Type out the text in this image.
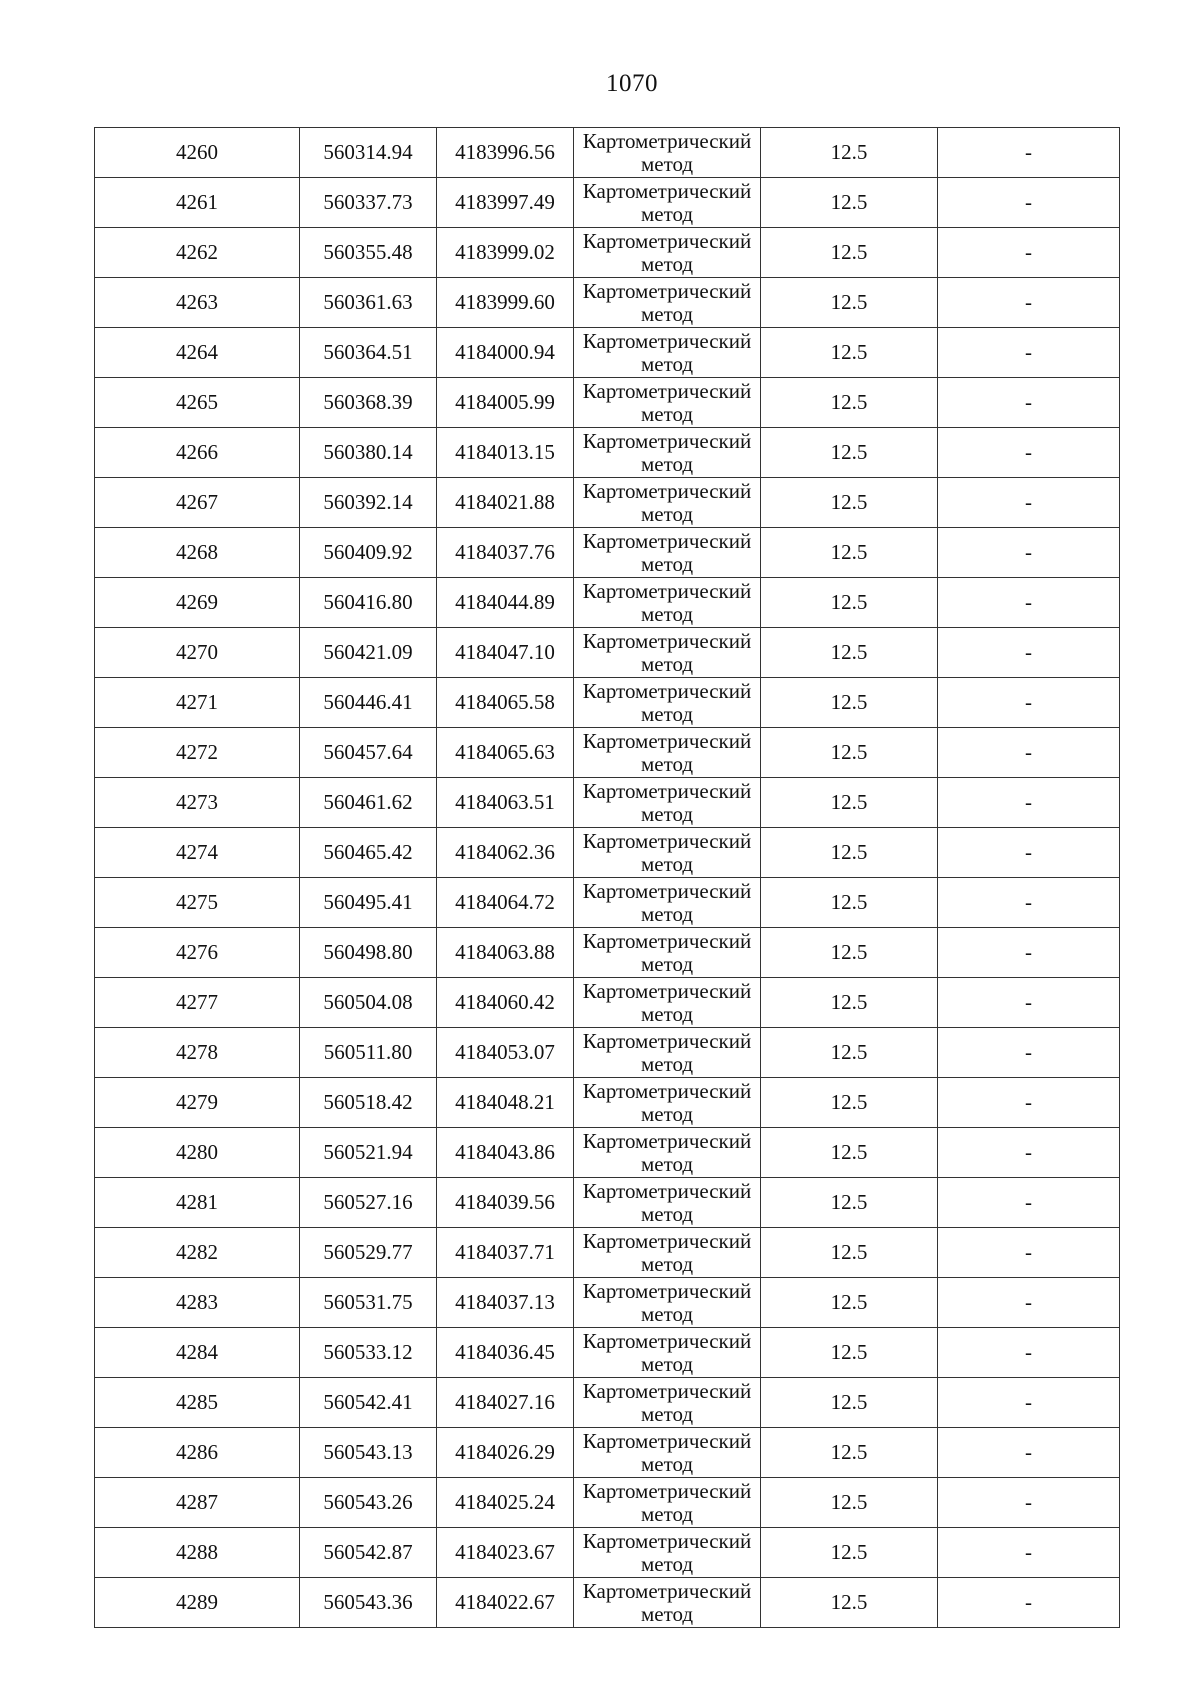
1070
4260	560314.94	4183996.56	Картометрический метод	12.5	-
4261	560337.73	4183997.49	Картометрический метод	12.5	-
4262	560355.48	4183999.02	Картометрический метод	12.5	-
4263	560361.63	4183999.60	Картометрический метод	12.5	-
4264	560364.51	4184000.94	Картометрический метод	12.5	-
4265	560368.39	4184005.99	Картометрический метод	12.5	-
4266	560380.14	4184013.15	Картометрический метод	12.5	-
4267	560392.14	4184021.88	Картометрический метод	12.5	-
4268	560409.92	4184037.76	Картометрический метод	12.5	-
4269	560416.80	4184044.89	Картометрический метод	12.5	-
4270	560421.09	4184047.10	Картометрический метод	12.5	-
4271	560446.41	4184065.58	Картометрический метод	12.5	-
4272	560457.64	4184065.63	Картометрический метод	12.5	-
4273	560461.62	4184063.51	Картометрический метод	12.5	-
4274	560465.42	4184062.36	Картометрический метод	12.5	-
4275	560495.41	4184064.72	Картометрический метод	12.5	-
4276	560498.80	4184063.88	Картометрический метод	12.5	-
4277	560504.08	4184060.42	Картометрический метод	12.5	-
4278	560511.80	4184053.07	Картометрический метод	12.5	-
4279	560518.42	4184048.21	Картометрический метод	12.5	-
4280	560521.94	4184043.86	Картометрический метод	12.5	-
4281	560527.16	4184039.56	Картометрический метод	12.5	-
4282	560529.77	4184037.71	Картометрический метод	12.5	-
4283	560531.75	4184037.13	Картометрический метод	12.5	-
4284	560533.12	4184036.45	Картометрический метод	12.5	-
4285	560542.41	4184027.16	Картометрический метод	12.5	-
4286	560543.13	4184026.29	Картометрический метод	12.5	-
4287	560543.26	4184025.24	Картометрический метод	12.5	-
4288	560542.87	4184023.67	Картометрический метод	12.5	-
4289	560543.36	4184022.67	Картометрический метод	12.5	-
